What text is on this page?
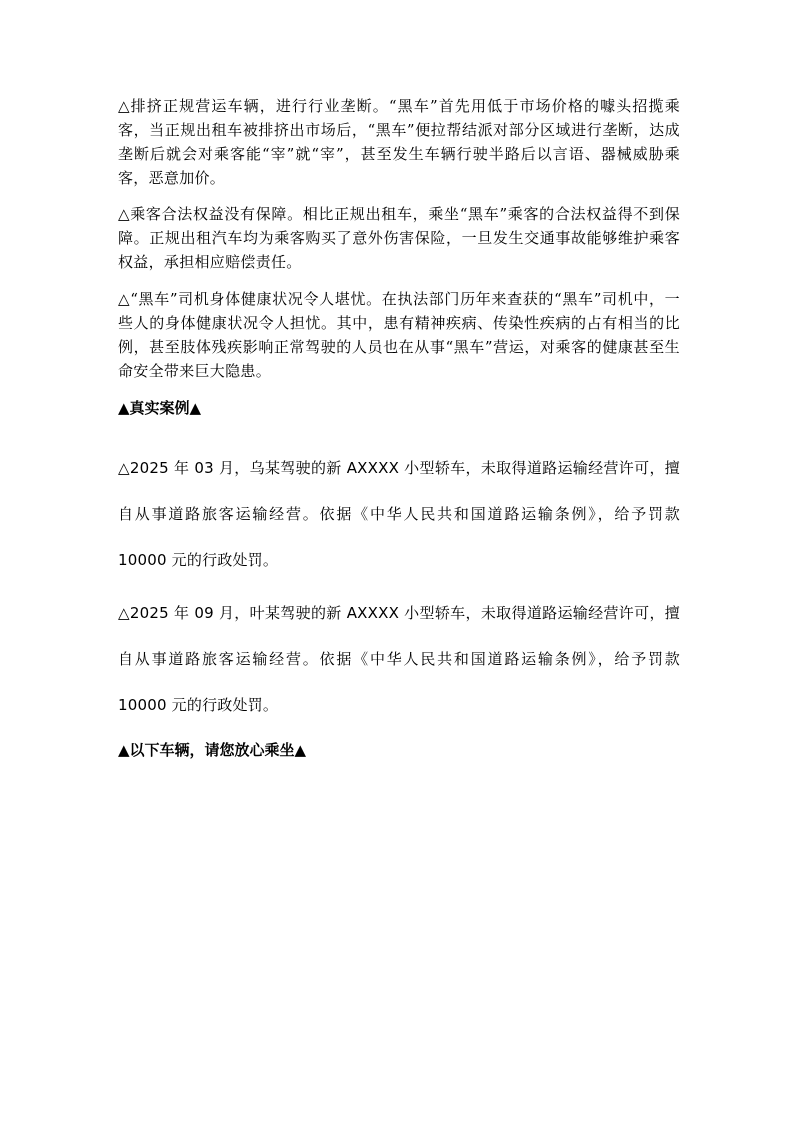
△排挤正规营运车辆，进行行业垄断。“黑车”首先用低于市场价格的噱头招揽乘客，当正规出租车被排挤出市场后，“黑车”便拉帮结派对部分区域进行垄断，达成垄断后就会对乘客能“宰”就“宰”，甚至发生车辆行驶半路后以言语、器械威胁乘客，恶意加价。

△乘客合法权益没有保障。相比正规出租车，乘坐“黑车”乘客的合法权益得不到保障。正规出租汽车均为乘客购买了意外伤害保险，一旦发生交通事故能够维护乘客权益，承担相应赔偿责任。

△“黑车”司机身体健康状况令人堪忧。在执法部门历年来查获的“黑车”司机中，一些人的身体健康状况令人担忧。其中，患有精神疾病、传染性疾病的占有相当的比例，甚至肢体残疾影响正常驾驶的人员也在从事“黑车”营运，对乘客的健康甚至生命安全带来巨大隐患。

▲真实案例▲

△2025 年 03 月，乌某驾驶的新 AXXXX 小型轿车，未取得道路运输经营许可，擅自从事道路旅客运输经营。依据《中华人民共和国道路运输条例》，给予罚款 10000 元的行政处罚。

△2025 年 09 月，叶某驾驶的新 AXXXX 小型轿车，未取得道路运输经营许可，擅自从事道路旅客运输经营。依据《中华人民共和国道路运输条例》，给予罚款 10000 元的行政处罚。

▲以下车辆，请您放心乘坐▲
